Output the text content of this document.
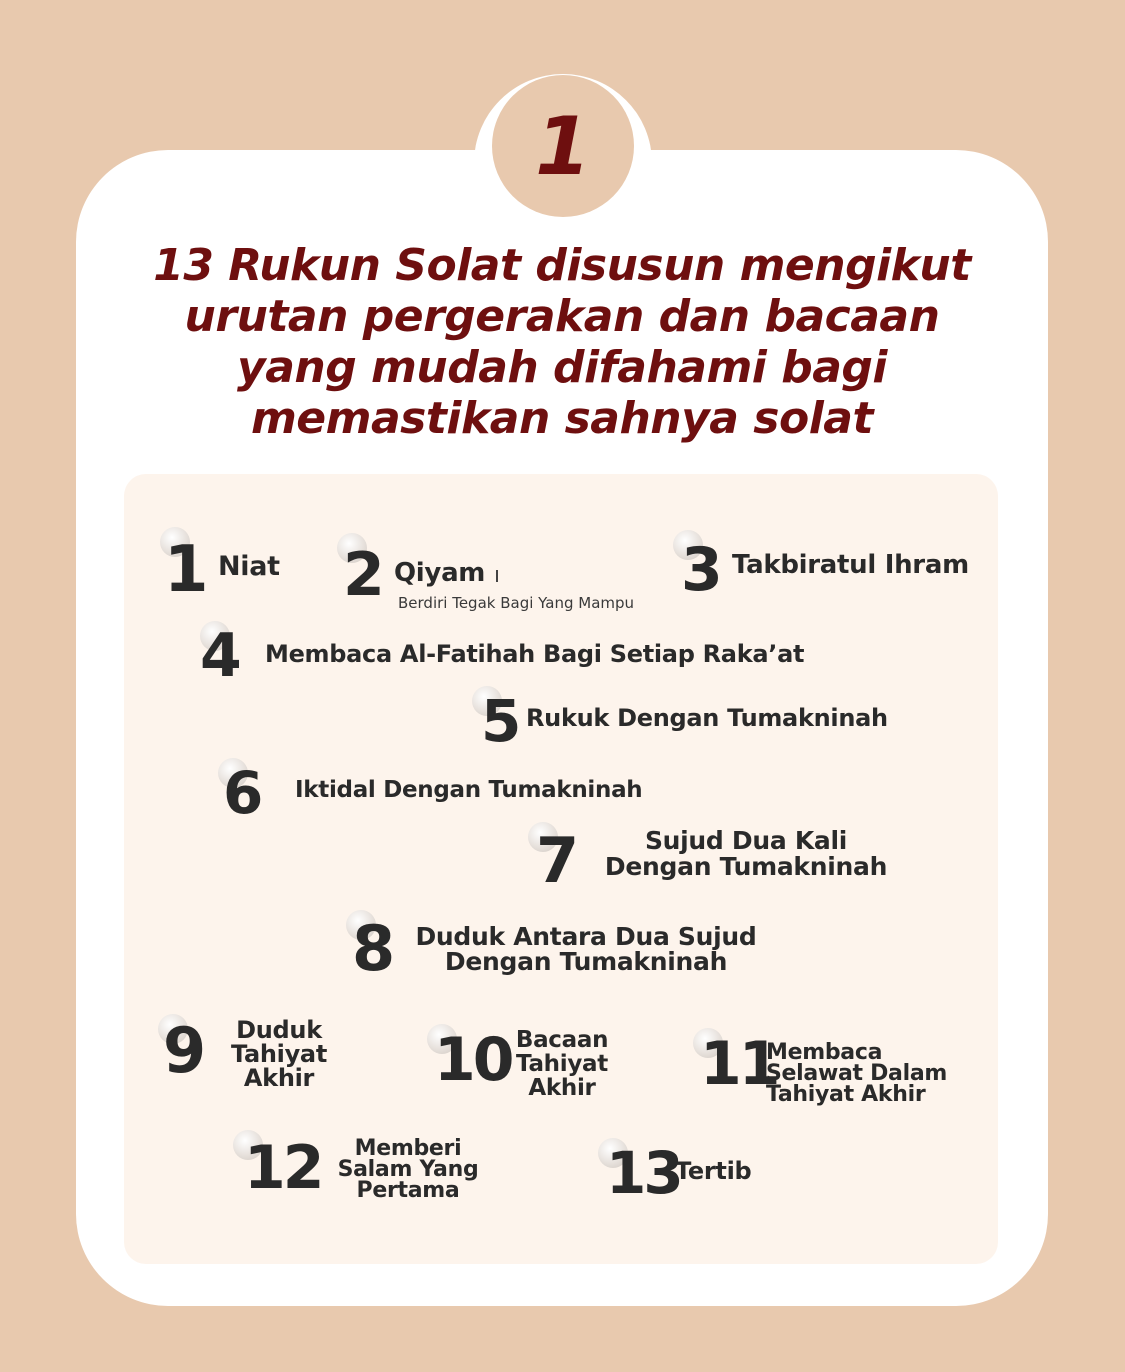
1
13 Rukun Solat disusun mengikut
urutan pergerakan dan bacaan
yang mudah difahami bagi
memastikan sahnya solat
1 Niat 2 Qiyam
Berdiri Tegak Bagi Yang Mampu 3 Takbiratul Ihram
4 Membaca Al-Fatihah Bagi Setiap Raka’at
5 Rukuk Dengan Tumakninah
6 Iktidal Dengan Tumakninah
7	Sujud Dua Kali
Dengan Tumakninah
8 Duduk Antara Dua Sujud
Dengan Tumakninah
9	Duduk
Tahiyat
Akhir	10 Bacaan
Tahiyat
Akhir	11
Membaca
Selawat Dalam
Tahiyat Akhir
12	Memberi
Salam Yang
Pertama	13
Tertib
